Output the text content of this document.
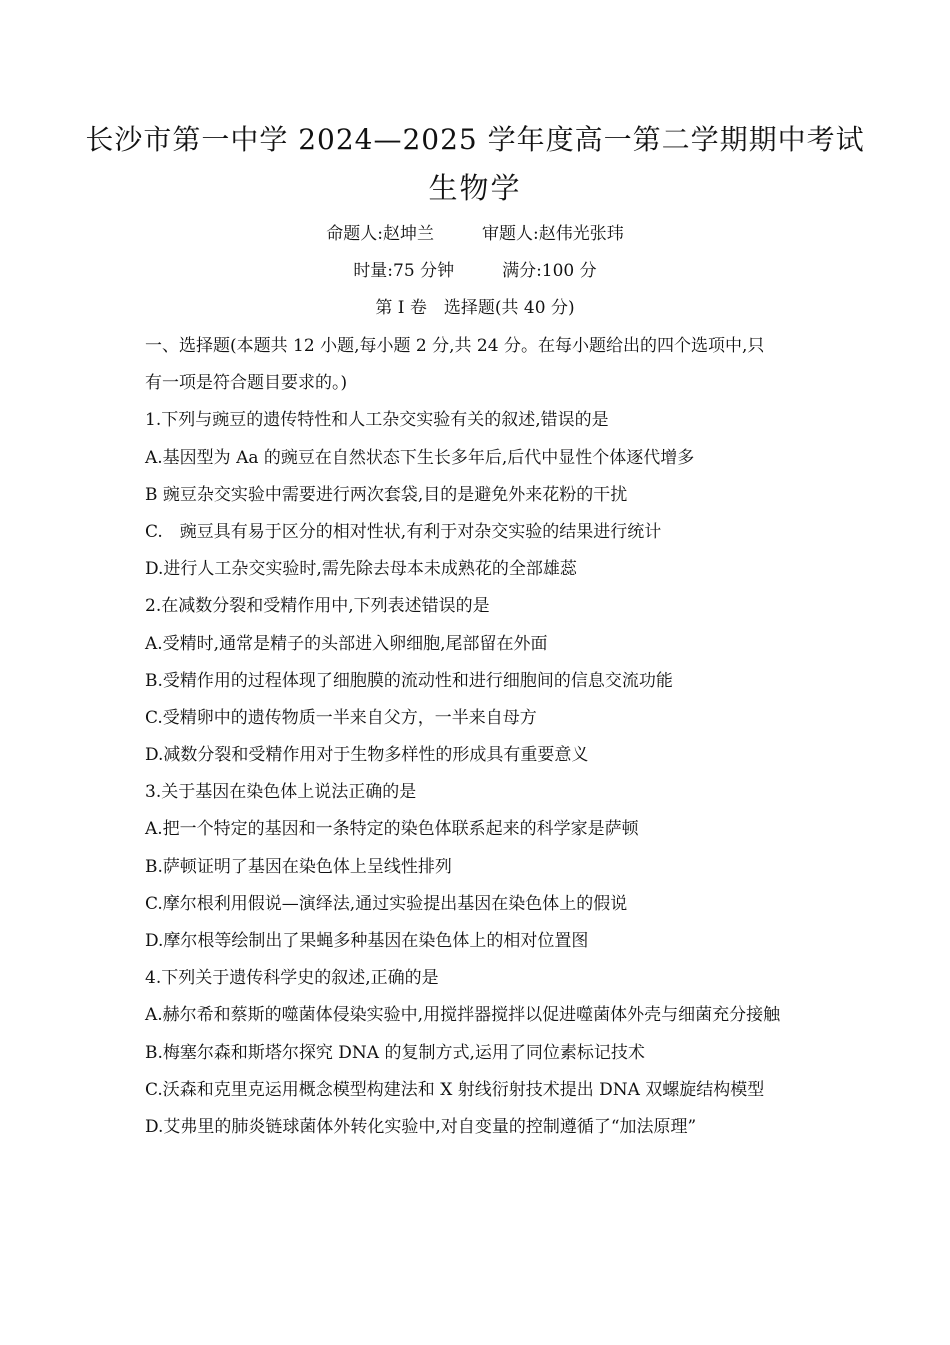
长沙市第一中学 2024—2025 学年度高一第二学期期中考试
生物学
命题人:赵坤兰	审题人:赵伟光张玮
时量:75 分钟	满分:100 分
第 I 卷　选择题(共 40 分)
一、选择题(本题共 12 小题,每小题 2 分,共 24 分。在每小题给出的四个选项中,只
有一项是符合题目要求的。)
1.下列与豌豆的遗传特性和人工杂交实验有关的叙述,错误的是
A.基因型为 Aa 的豌豆在自然状态下生长多年后,后代中显性个体逐代增多
B 豌豆杂交实验中需要进行两次套袋,目的是避免外来花粉的干扰
C.　豌豆具有易于区分的相对性状,有利于对杂交实验的结果进行统计
D.进行人工杂交实验时,需先除去母本未成熟花的全部雄蕊
2.在减数分裂和受精作用中,下列表述错误的是
A.受精时,通常是精子的头部进入卵细胞,尾部留在外面
B.受精作用的过程体现了细胞膜的流动性和进行细胞间的信息交流功能
C.受精卵中的遗传物质一半来自父方，一半来自母方
D.减数分裂和受精作用对于生物多样性的形成具有重要意义
3.关于基因在染色体上说法正确的是
A.把一个特定的基因和一条特定的染色体联系起来的科学家是萨顿
B.萨顿证明了基因在染色体上呈线性排列
C.摩尔根利用假说—演绎法,通过实验提出基因在染色体上的假说
D.摩尔根等绘制出了果蝇多种基因在染色体上的相对位置图
4.下列关于遗传科学史的叙述,正确的是
A.赫尔希和蔡斯的噬菌体侵染实验中,用搅拌器搅拌以促进噬菌体外壳与细菌充分接触
B.梅塞尔森和斯塔尔探究 DNA 的复制方式,运用了同位素标记技术
C.沃森和克里克运用概念模型构建法和 X 射线衍射技术提出 DNA 双螺旋结构模型
D.艾弗里的肺炎链球菌体外转化实验中,对自变量的控制遵循了“加法原理”
